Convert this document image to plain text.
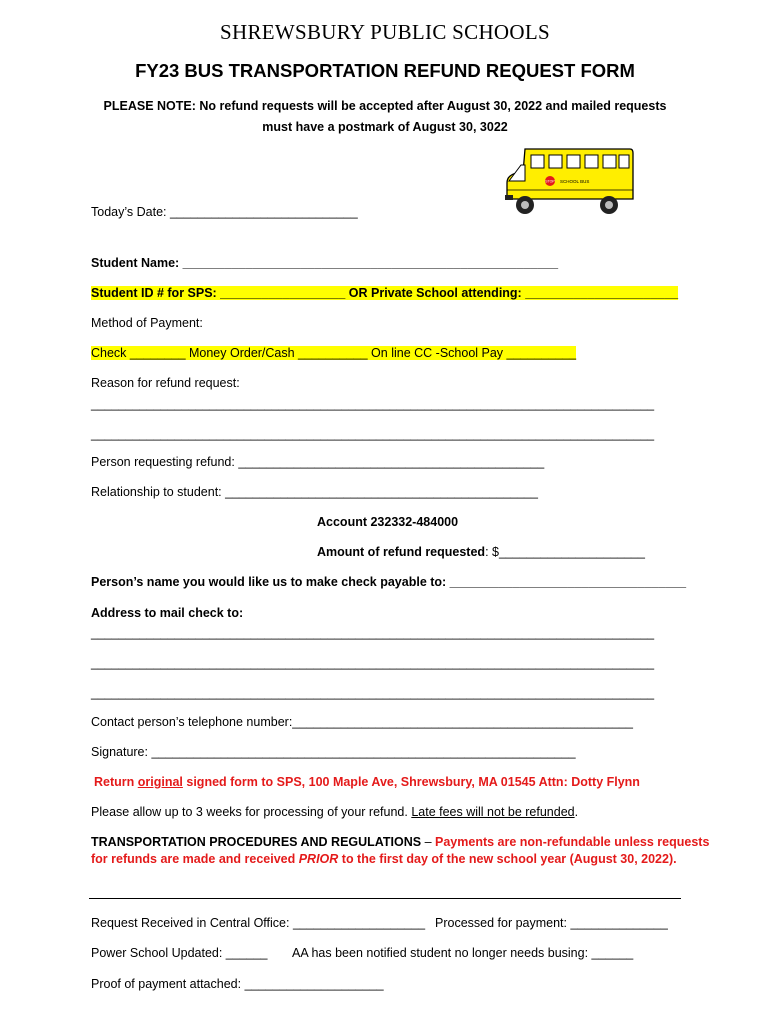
SHREWSBURY PUBLIC SCHOOLS
FY23 BUS TRANSPORTATION REFUND REQUEST FORM
PLEASE NOTE: No refund requests will be accepted after August 30, 2022 and mailed requests
must have a postmark of August 30, 3022
STOP SCHOOL BUS
Today’s Date: ___________________________
Student Name: ______________________________________________________
Student ID # for SPS: __________________ OR Private School attending: ______________________
Method of Payment:
Check ________ Money Order/Cash __________ On line CC -School Pay __________
Reason for refund request:
_________________________________________________________________________________
_________________________________________________________________________________
Person requesting refund: ____________________________________________
Relationship to student: _____________________________________________
Account 232332-484000
Amount of refund requested: $_____________________
Person’s name you would like us to make check payable to: __________________________________
Address to mail check to:
_________________________________________________________________________________
_________________________________________________________________________________
_________________________________________________________________________________
Contact person’s telephone number:_________________________________________________
Signature: _____________________________________________________________
Return original signed form to SPS, 100 Maple Ave, Shrewsbury, MA 01545 Attn: Dotty Flynn
Please allow up to 3 weeks for processing of your refund. Late fees will not be refunded.
TRANSPORTATION PROCEDURES AND REGULATIONS – Payments are non-refundable unless requests
for refunds are made and received PRIOR to the first day of the new school year (August 30, 2022).
Request Received in Central Office: ___________________ Processed for payment: ______________
Power School Updated: ______ AA has been notified student no longer needs busing: ______
Proof of payment attached: ____________________
